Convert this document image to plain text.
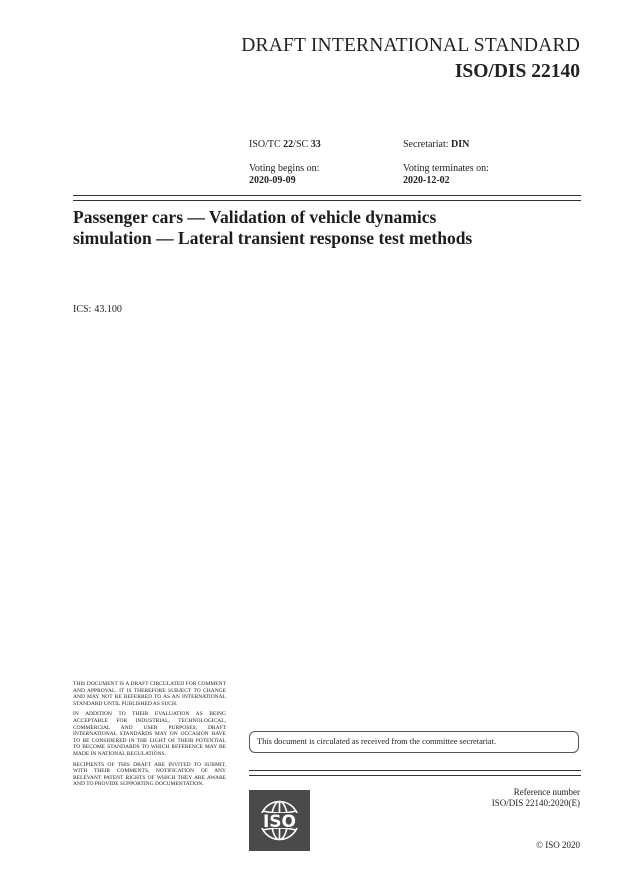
DRAFT INTERNATIONAL STANDARD
ISO/DIS 22140
ISO/TC 22/SC 33	Secretariat: DIN
Voting begins on:
2020-09-09
Voting terminates on:
2020-12-02
Passenger cars — Validation of vehicle dynamics
simulation — Lateral transient response test methods
ICS: 43.100

THIS DOCUMENT IS A DRAFT CIRCULATED FOR COMMENT AND APPROVAL. IT IS THEREFORE SUBJECT TO CHANGE AND MAY NOT BE REFERRED TO AS AN INTERNATIONAL STANDARD UNTIL PUBLISHED AS SUCH.

IN ADDITION TO THEIR EVALUATION AS BEING ACCEPTABLE FOR INDUSTRIAL, TECHNOLOGICAL, COMMERCIAL AND USER PURPOSES, DRAFT INTERNATIONAL STANDARDS MAY ON OCCASION HAVE TO BE CONSIDERED IN THE LIGHT OF THEIR POTENTIAL TO BECOME STANDARDS TO WHICH REFERENCE MAY BE MADE IN NATIONAL REGULATIONS.

RECIPIENTS OF THIS DRAFT ARE INVITED TO SUBMIT, WITH THEIR COMMENTS, NOTIFICATION OF ANY RELEVANT PATENT RIGHTS OF WHICH THEY ARE AWARE AND TO PROVIDE SUPPORTING DOCUMENTATION.

This document is circulated as received from the committee secretariat.
Reference number
ISO/DIS 22140:2020(E)
© ISO 2020
ISO
